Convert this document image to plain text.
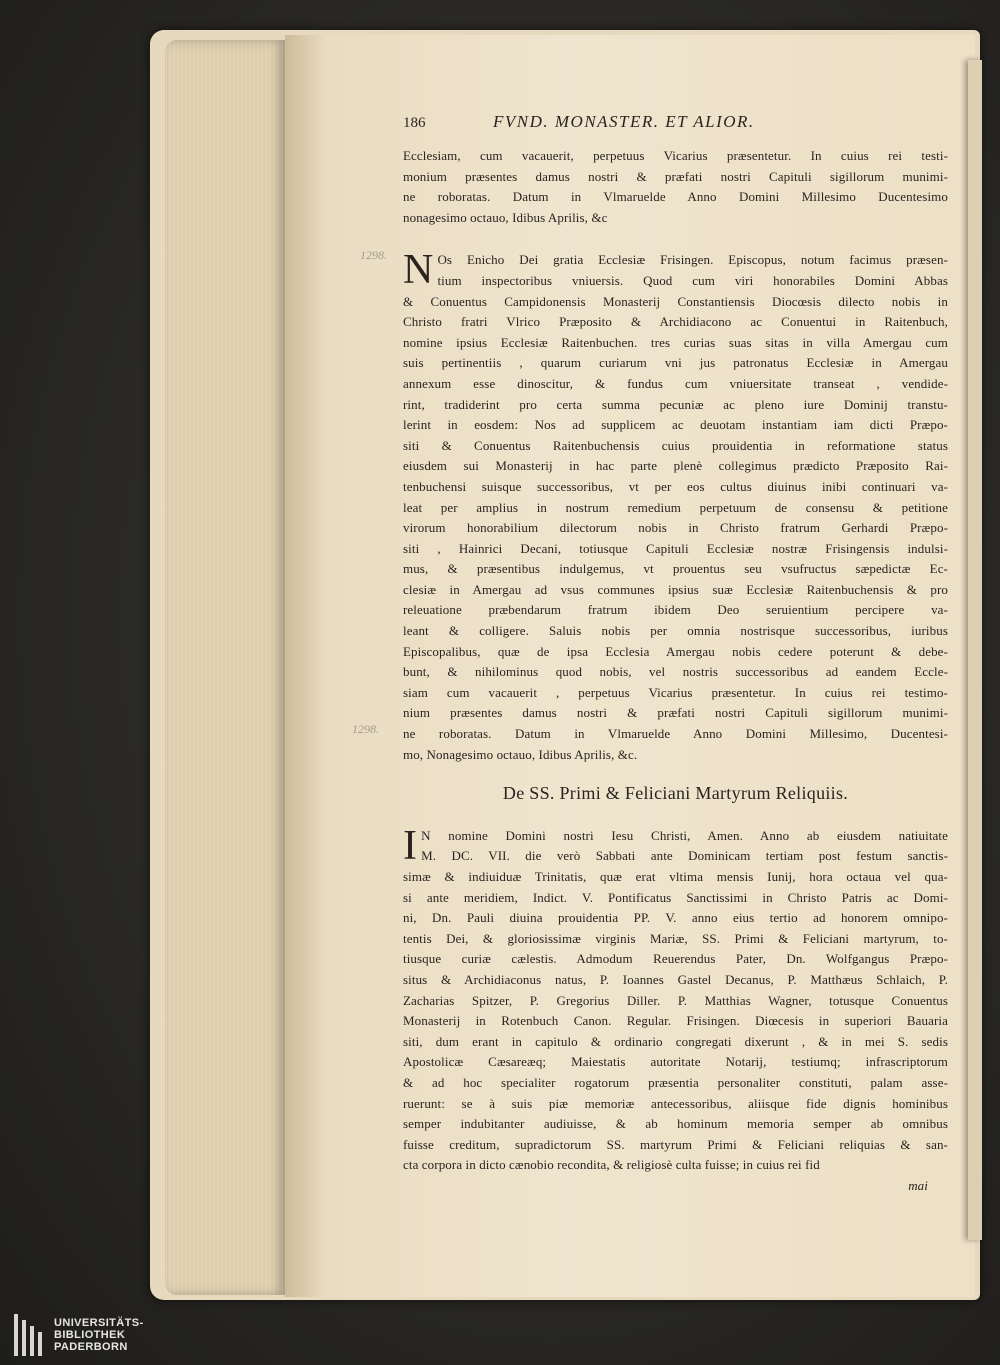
1298.
1298.
186	FVND. MONASTER. ET ALIOR.
Ecclesiam, cum vacauerit, perpetuus Vicarius præsentetur. In cuius rei testi-
monium præsentes damus nostri & præfati nostri Capituli sigillorum munimi-
ne roboratas. Datum in Vlmaruelde Anno Domini Millesimo Ducentesimo
nonagesimo octauo, Idibus Aprilis, &c
N Os Enicho Dei gratia Ecclesiæ Frisingen. Episcopus, notum facimus præsen-
tium inspectoribus vniuersis. Quod cum viri honorabiles Domini Abbas
& Conuentus Campidonensis Monasterij Constantiensis Diocœsis dilecto nobis in
Christo fratri Vlrico Præposito & Archidiacono ac Conuentui in Raitenbuch,
nomine ipsius Ecclesiæ Raitenbuchen. tres curias suas sitas in villa Amergau cum
suis pertinentiis , quarum curiarum vni jus patronatus Ecclesiæ in Amergau
annexum esse dinoscitur, & fundus cum vniuersitate transeat , vendide-
rint, tradiderint pro certa summa pecuniæ ac pleno iure Dominij transtu-
lerint in eosdem: Nos ad supplicem ac deuotam instantiam iam dicti Præpo-
siti & Conuentus Raitenbuchensis cuius prouidentia in reformatione status
eiusdem sui Monasterij in hac parte plenè collegimus prædicto Præposito Rai-
tenbuchensi suisque successoribus, vt per eos cultus diuinus inibi continuari va-
leat per amplius in nostrum remedium perpetuum de consensu & petitione
virorum honorabilium dilectorum nobis in Christo fratrum Gerhardi Præpo-
siti , Hainrici Decani, totiusque Capituli Ecclesiæ nostræ Frisingensis indulsi-
mus, & præsentibus indulgemus, vt prouentus seu vsufructus sæpedictæ Ec-
clesiæ in Amergau ad vsus communes ipsius suæ Ecclesiæ Raitenbuchensis & pro
releuatione præbendarum fratrum ibidem Deo seruientium percipere va-
leant & colligere. Saluis nobis per omnia nostrisque successoribus, iuribus
Episcopalibus, quæ de ipsa Ecclesia Amergau nobis cedere poterunt & debe-
bunt, & nihilominus quod nobis, vel nostris successoribus ad eandem Eccle-
siam cum vacauerit , perpetuus Vicarius præsentetur. In cuius rei testimo-
nium præsentes damus nostri & præfati nostri Capituli sigillorum munimi-
ne roboratas. Datum in Vlmaruelde Anno Domini Millesimo, Ducentesi-
mo, Nonagesimo octauo, Idibus Aprilis, &c.
De SS. Primi & Feliciani Martyrum Reliquiis.
I N nomine Domini nostri Iesu Christi, Amen. Anno ab eiusdem natiuitate
M. DC. VII. die verò Sabbati ante Dominicam tertiam post festum sanctis-
simæ & indiuiduæ Trinitatis, quæ erat vltima mensis Iunij, hora octaua vel qua-
si ante meridiem, Indict. V. Pontificatus Sanctissimi in Christo Patris ac Domi-
ni, Dn. Pauli diuina prouidentia PP. V. anno eius tertio ad honorem omnipo-
tentis Dei, & gloriosissimæ virginis Mariæ, SS. Primi & Feliciani martyrum, to-
tiusque curiæ cælestis. Admodum Reuerendus Pater, Dn. Wolfgangus Præpo-
situs & Archidiaconus natus, P. Ioannes Gastel Decanus, P. Matthæus Schlaich, P.
Zacharias Spitzer, P. Gregorius Diller. P. Matthias Wagner, totusque Conuentus
Monasterij in Rotenbuch Canon. Regular. Frisingen. Diœcesis in superiori Bauaria
siti, dum erant in capitulo & ordinario congregati dixerunt , & in mei S. sedis
Apostolicæ Cæsareæq; Maiestatis autoritate Notarij, testiumq; infrascriptorum
& ad hoc specialiter rogatorum præsentia personaliter constituti, palam asse-
ruerunt: se à suis piæ memoriæ antecessoribus, aliisque fide dignis hominibus
semper indubitanter audiuisse, & ab hominum memoria semper ab omnibus
fuisse creditum, supradictorum SS. martyrum Primi & Feliciani reliquias & san-
cta corpora in dicto cænobio recondita, & religiosè culta fuisse; in cuius rei fid
mai
UNIVERSITÄTS-
BIBLIOTHEK
PADERBORN
